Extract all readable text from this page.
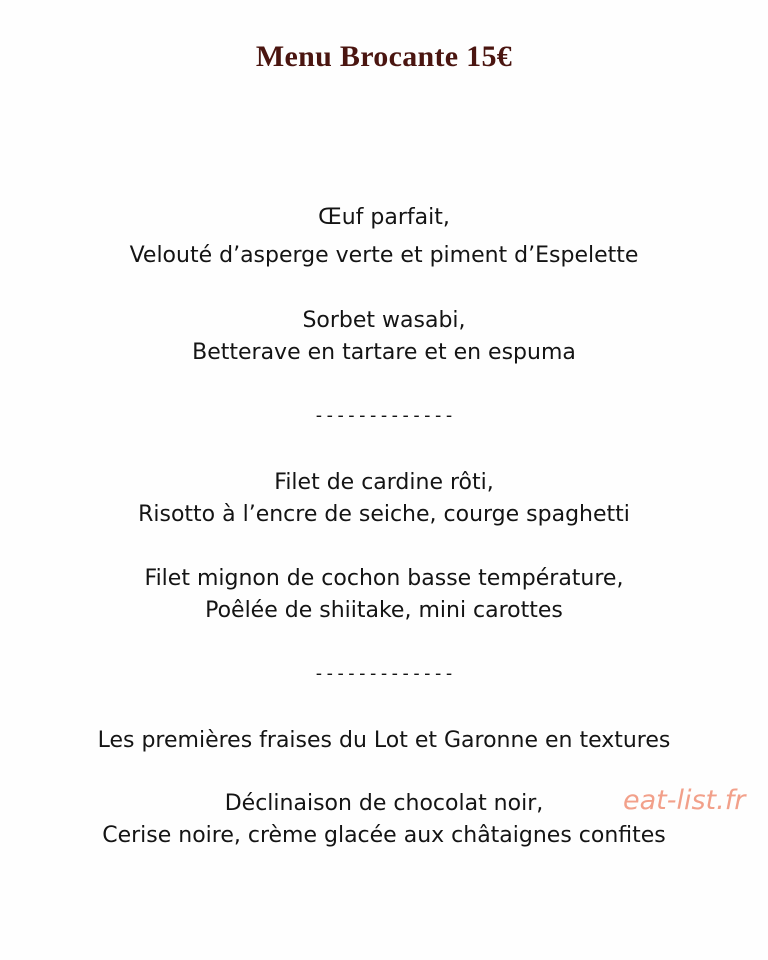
Menu Brocante 15€
Œuf parfait,
Velouté d’asperge verte et piment d’Espelette
Sorbet wasabi,
Betterave en tartare et en espuma
-------------
Filet de cardine rôti,
Risotto à l’encre de seiche, courge spaghetti
Filet mignon de cochon basse température,
Poêlée de shiitake, mini carottes
-------------
Les premières fraises du Lot et Garonne en textures
Déclinaison de chocolat noir,
Cerise noire, crème glacée aux châtaignes confites
eat-list.fr
